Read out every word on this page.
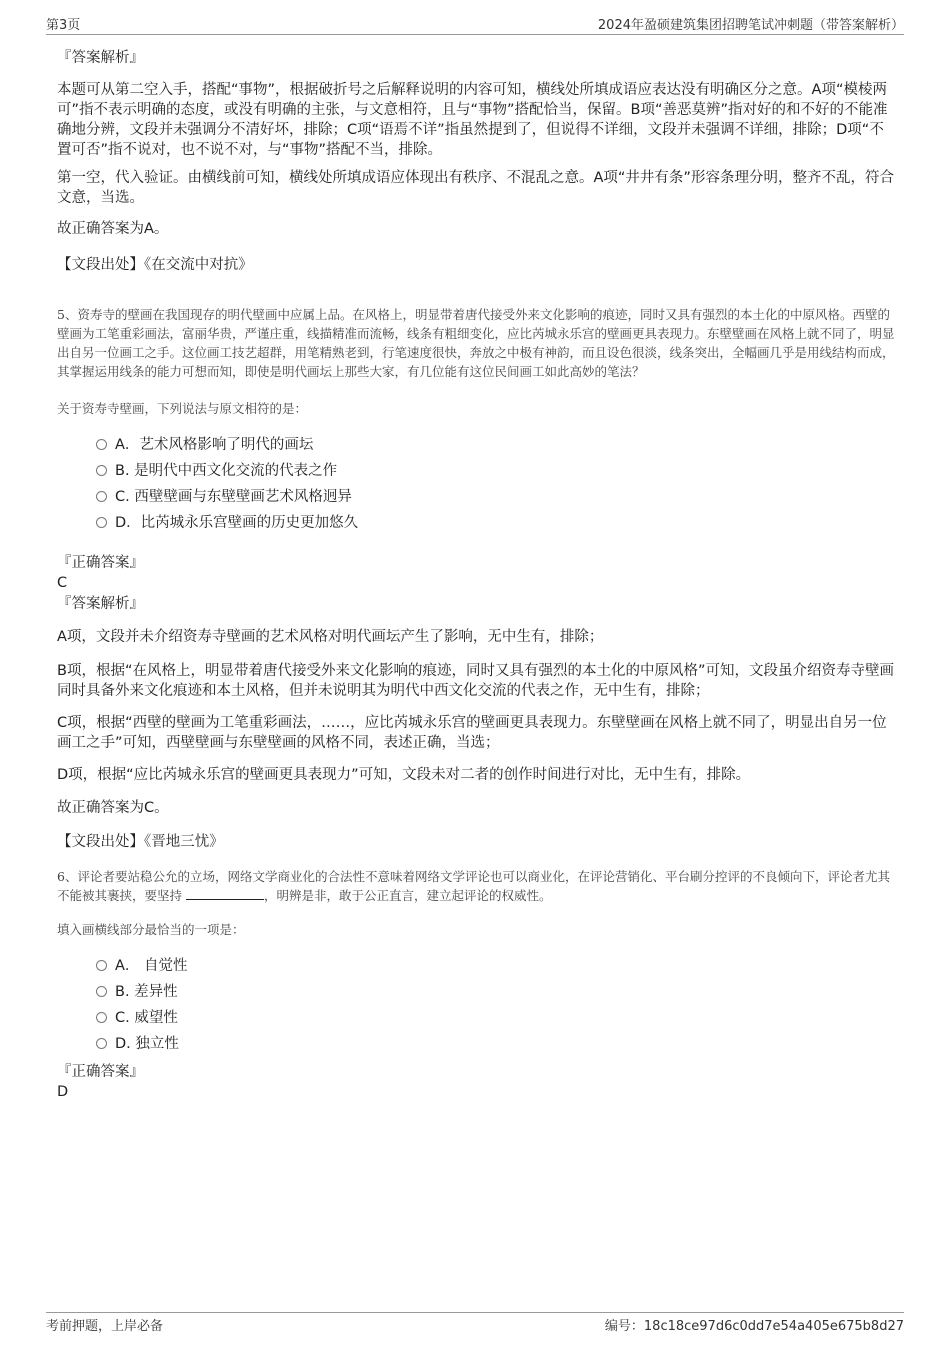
第3页	2024年盈硕建筑集团招聘笔试冲刺题（带答案解析）
『答案解析』
本题可从第二空入手，搭配“事物”，根据破折号之后解释说明的内容可知，横线处所填成语应表达没有明确区分之意。A项“模棱两可”指不表示明确的态度，或没有明确的主张，与文意相符，且与“事物”搭配恰当，保留。B项“善恶莫辨”指对好的和不好的不能准确地分辨，文段并未强调分不清好坏，排除；C项“语焉不详”指虽然提到了，但说得不详细，文段并未强调不详细，排除；D项“不置可否”指不说对，也不说不对，与“事物”搭配不当，排除。
第一空，代入验证。由横线前可知，横线处所填成语应体现出有秩序、不混乱之意。A项“井井有条”形容条理分明，整齐不乱，符合文意，当选。
故正确答案为A。
【文段出处】《在交流中对抗》
5、资寿寺的壁画在我国现存的明代壁画中应属上品。在风格上，明显带着唐代接受外来文化影响的痕迹，同时又具有强烈的本土化的中原风格。西壁的壁画为工笔重彩画法，富丽华贵，严谨庄重，线描精准而流畅，线条有粗细变化，应比芮城永乐宫的壁画更具表现力。东壁壁画在风格上就不同了，明显出自另一位画工之手。这位画工技艺超群，用笔精熟老到，行笔速度很快，奔放之中极有神韵，而且设色很淡，线条突出，全幅画几乎是用线结构而成，其掌握运用线条的能力可想而知，即使是明代画坛上那些大家，有几位能有这位民间画工如此高妙的笔法？
关于资寿寺壁画，下列说法与原文相符的是：
A．艺术风格影响了明代的画坛
B. 是明代中西文化交流的代表之作
C. 西壁壁画与东壁壁画艺术风格迥异
D．比芮城永乐宫壁画的历史更加悠久
『正确答案』
C
『答案解析』
A项，文段并未介绍资寿寺壁画的艺术风格对明代画坛产生了影响，无中生有，排除；
B项，根据“在风格上，明显带着唐代接受外来文化影响的痕迹，同时又具有强烈的本土化的中原风格”可知，文段虽介绍资寿寺壁画同时具备外来文化痕迹和本土风格，但并未说明其为明代中西文化交流的代表之作，无中生有，排除；
C项，根据“西壁的壁画为工笔重彩画法，……，应比芮城永乐宫的壁画更具表现力。东壁壁画在风格上就不同了，明显出自另一位画工之手”可知，西壁壁画与东壁壁画的风格不同，表述正确，当选；
D项，根据“应比芮城永乐宫的壁画更具表现力”可知，文段未对二者的创作时间进行对比，无中生有，排除。
故正确答案为C。
【文段出处】《晋地三忧》
6、评论者要站稳公允的立场，网络文学商业化的合法性不意味着网络文学评论也可以商业化，在评论营销化、平台刷分控评的不良倾向下，评论者尤其不能被其裹挟，要坚持	，明辨是非，敢于公正直言，建立起评论的权威性。
填入画横线部分最恰当的一项是：
A． 自觉性
B. 差异性
C. 威望性
D. 独立性
『正确答案』
D
考前押题，上岸必备	编号：18c18ce97d6c0dd7e54a405e675b8d27
